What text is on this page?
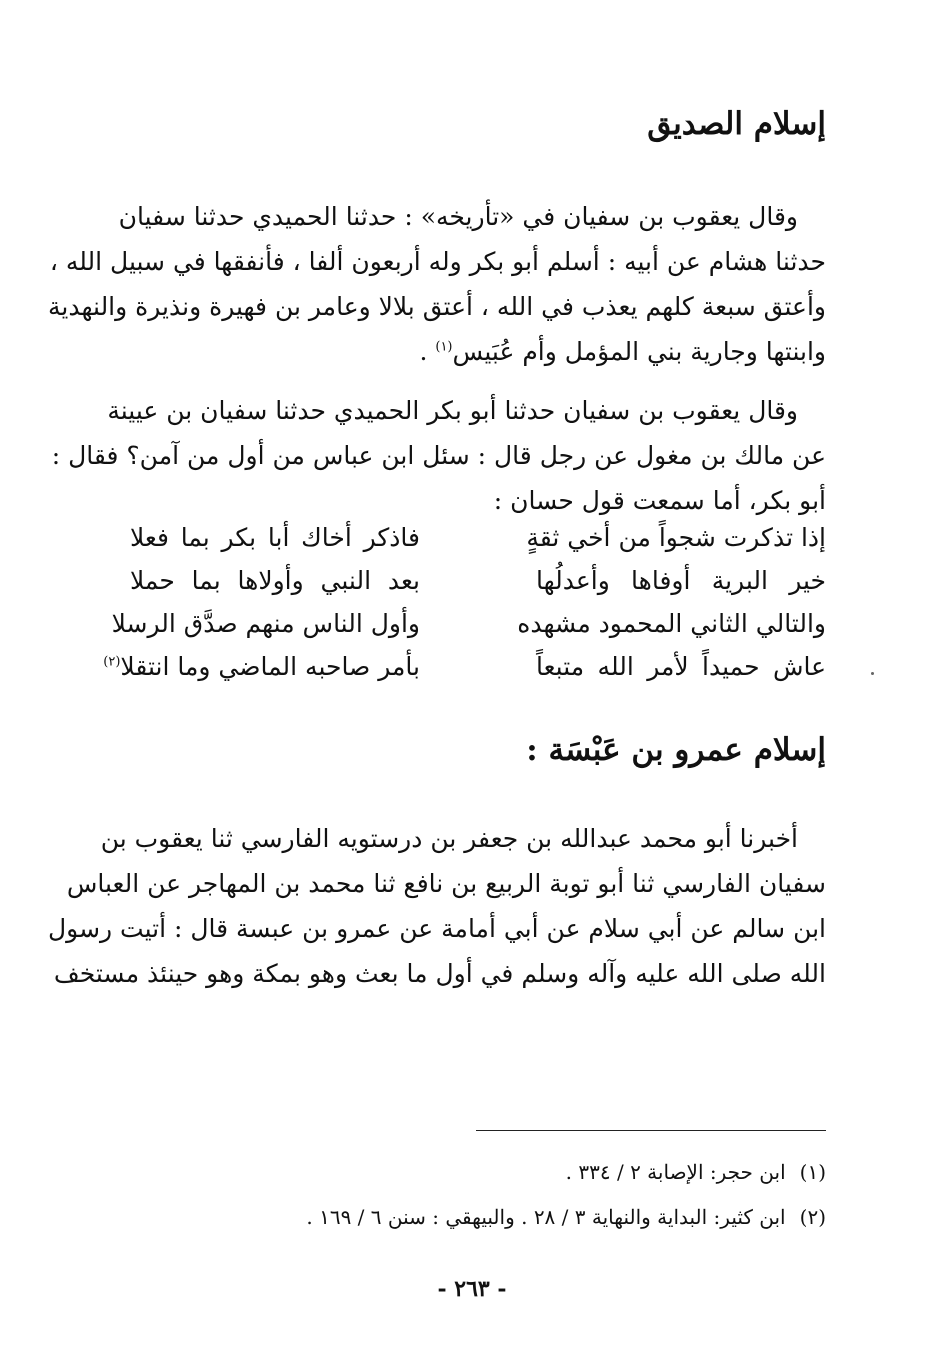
إسلام الصديق
وقال يعقوب بن سفيان في «تأريخه» : حدثنا الحميدي حدثنا سفيان
حدثنا هشام عن أبيه : أسلم أبو بكر وله أربعون ألفا ، فأنفقها في سبيل الله ،
وأعتق سبعة كلهم يعذب في الله ، أعتق بلالا وعامر بن فهيرة ونذيرة والنهدية
وابنتها وجارية بني المؤمل وأم عُبَيس$^{(١)}$ .
وقال يعقوب بن سفيان حدثنا أبو بكر الحميدي حدثنا سفيان بن عيينة
عن مالك بن مغول عن رجل قال : سئل ابن عباس من أول من آمن؟ فقال :
أبو بكر، أما سمعت قول حسان :
إذا تذكرت شجواً من أخي ثقةٍ
فاذكر أخاك أبا بكر بما فعلا
خير البرية أوفاها وأعدلُها
بعد النبي وأولاها بما حملا
والتالي الثاني المحمود مشهده
وأول الناس منهم صدَّق الرسلا
عاش حميداً لأمر الله متبعاً
بأمر صاحبه الماضي وما انتقلا$^{(٢)}$
إسلام عمرو بن عَبْسَة :
أخبرنا أبو محمد عبدالله بن جعفر بن درستويه الفارسي ثنا يعقوب بن
سفيان الفارسي ثنا أبو توبة الربيع بن نافع ثنا محمد بن المهاجر عن العباس
ابن سالم عن أبي سلام عن أبي أمامة عن عمرو بن عبسة قال : أتيت رسول
الله صلى الله عليه وآله وسلم في أول ما بعث وهو بمكة وهو حينئذ مستخف
(١)ابن حجر: الإصابة ٢ / ٣٣٤ .
(٢)ابن كثير: البداية والنهاية ٣ / ٢٨ . والبيهقي : سنن ٦ / ١٦٩ .
- ٢٦٣ -
